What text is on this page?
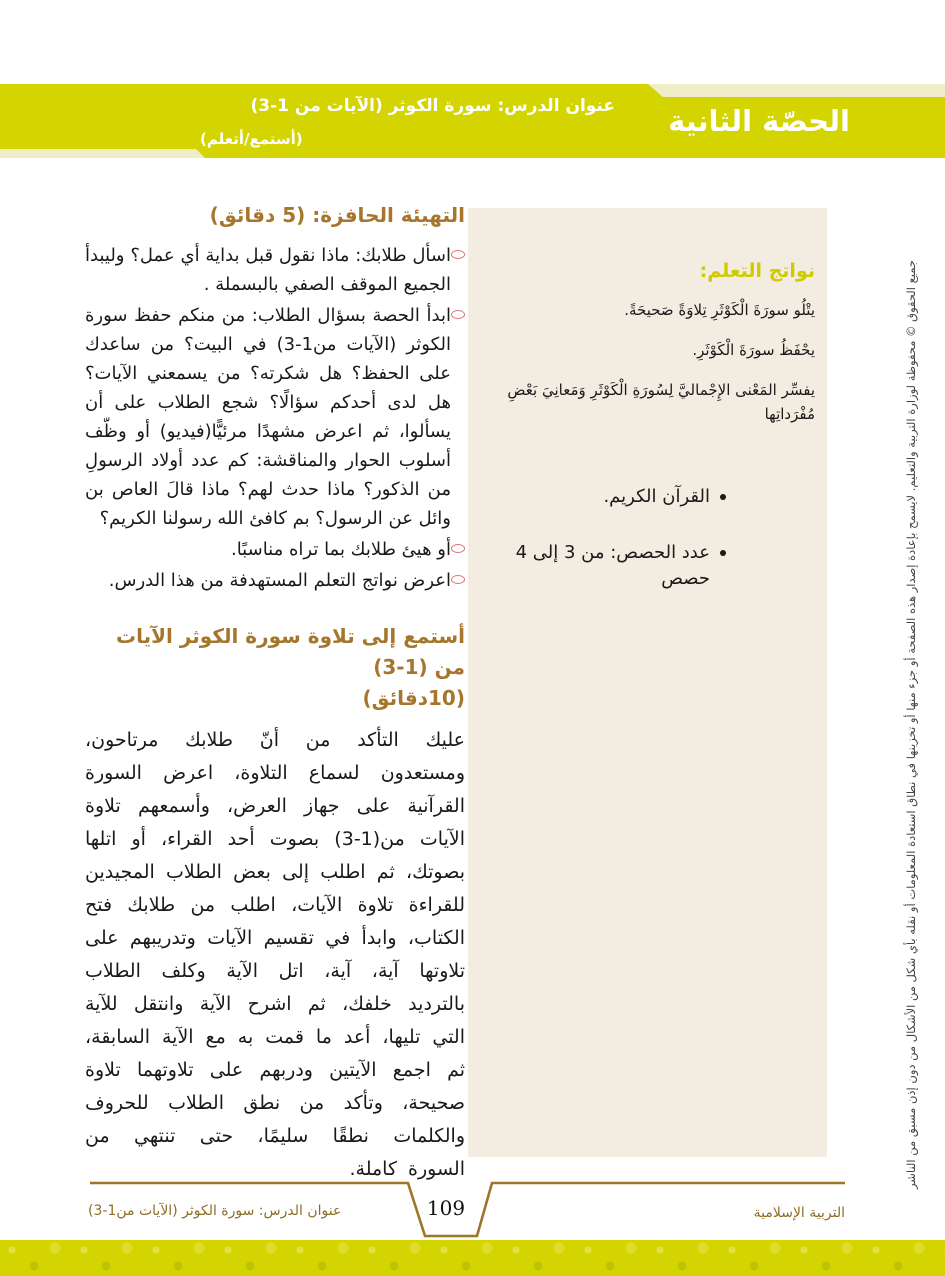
الحصّة الثانية
عنوان الدرس: سورة الكوثر (الآيات من 1-3)
(أستمع/أتعلم)
نواتج التعلم:
يتْلُو سورَةَ الْكَوْثَرِ تِلاوَةً صَحيحَةً.
يحْفَظُ سورَةَ الْكَوْثَرِ.
يفسِّر المَعْنى الإِجْماليَّ لِسُورَةِ الْكَوْثَرِ وَمَعانِيَ بَعْضِ مُفْرَداتِها
القرآن الكريم.
عدد الحصص: من 3 إلى 4 حصص
التهيئة الحافزة: (5 دقائق)
اسأل طلابك: ماذا نقول قبل بداية أي عمل؟ وليبدأ الجميع الموقف الصفي بالبسملة .
ابدأ الحصة بسؤال الطلاب: من منكم حفظ سورة الكوثر (الآيات من1-3) في البيت؟ من ساعدك على الحفظ؟ هل شكرته؟ من يسمعني الآيات؟ هل لدى أحدكم سؤالًا؟ شجع الطلاب على أن يسألوا، ثم اعرض مشهدًا مرئيًّا(فيديو) أو وظّف أسلوب الحوار والمناقشة: كم عدد أولاد الرسولِ من الذكور؟ ماذا حدث لهم؟ ماذا قالَ العاص بن وائل عن الرسول؟ بم كافئ الله رسولنا الكريم؟
أو هيئ طلابك بما تراه مناسبًا.
اعرض نواتج التعلم المستهدفة من هذا الدرس.
أستمع إلى تلاوة سورة الكوثر الآيات من (1-3)
(10دقائق)

عليك التأكد من أنّ طلابك مرتاحون، ومستعدون لسماع التلاوة، اعرض السورة القرآنية على جهاز العرض، وأسمعهم تلاوة الآيات من(1-3) بصوت أحد القراء، أو اتلها بصوتك، ثم اطلب إلى بعض الطلاب المجيدين للقراءة تلاوة الآيات، اطلب من طلابك فتح الكتاب، وابدأ في تقسيم الآيات وتدريبهم على تلاوتها آية، آية، اتل الآية وكلف الطلاب بالترديد خلفك، ثم اشرح الآية وانتقل للآية التي تليها، أعد ما قمت به مع الآية السابقة، ثم اجمع الآيتين ودربهم على تلاوتهما تلاوة صحيحة، وتأكد من نطق الطلاب للحروف والكلمات نطقًا سليمًا، حتى تنتهي من السورة كاملة.	جميع الحقوق © محفوظة لوزارة التربية والتعليم. لايسمح بإعادة إصدار هذه الصفحة أو جزء منها أو تخزينها في نطاق استعادة المعلومات أو نقله بأي شكل من الأشكال من دون إذن مسبق من الناشر
109	التربية الإسلامية
عنوان الدرس: سورة الكوثر (الآيات من1-3)
